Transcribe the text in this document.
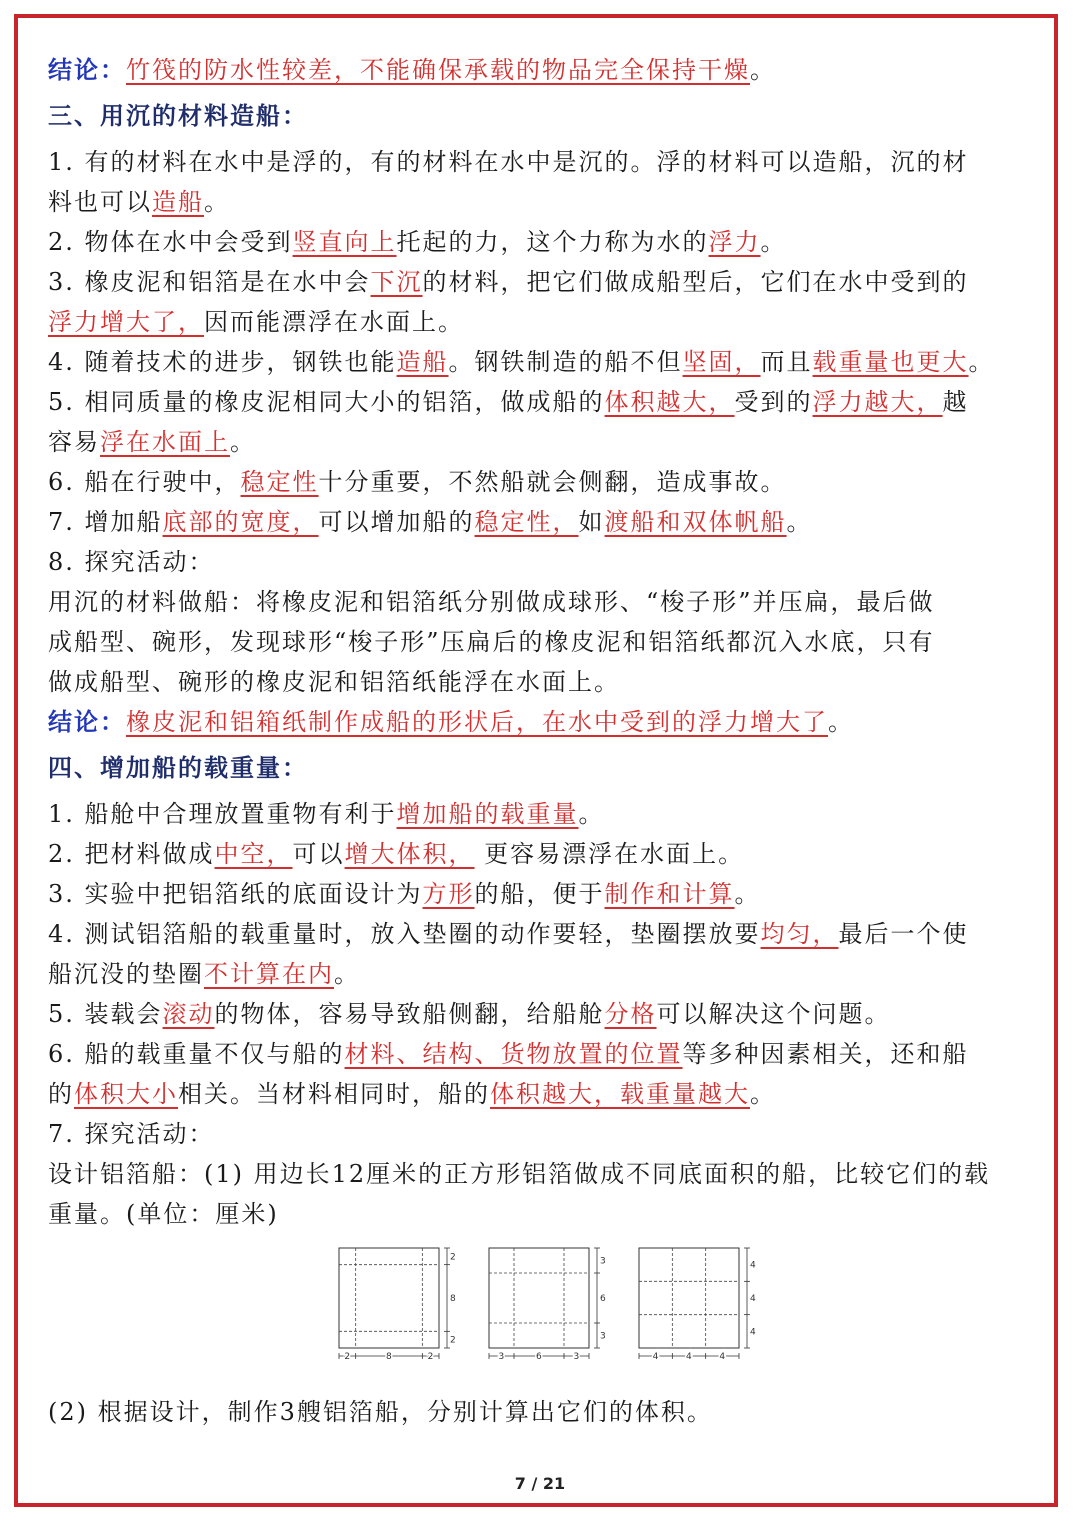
结论：竹筏的防水性较差，不能确保承载的物品完全保持干燥。

三、用沉的材料造船：

1. 有的材料在水中是浮的，有的材料在水中是沉的。浮的材料可以造船，沉的材

料也可以造船。

2. 物体在水中会受到竖直向上托起的力，这个力称为水的浮力。

3. 橡皮泥和铝箔是在水中会下沉的材料，把它们做成船型后，它们在水中受到的

浮力增大了，因而能漂浮在水面上。

4. 随着技术的进步，钢铁也能造船。钢铁制造的船不但坚固，而且载重量也更大。

5. 相同质量的橡皮泥相同大小的铝箔，做成船的体积越大，受到的浮力越大，越

容易浮在水面上。

6. 船在行驶中，稳定性十分重要，不然船就会侧翻，造成事故。

7. 增加船底部的宽度，可以增加船的稳定性，如渡船和双体帆船。

8. 探究活动：

用沉的材料做船：将橡皮泥和铝箔纸分别做成球形、“梭子形”并压扁，最后做

成船型、碗形，发现球形“梭子形”压扁后的橡皮泥和铝箔纸都沉入水底，只有

做成船型、碗形的橡皮泥和铝箔纸能浮在水面上。

结论：橡皮泥和铝箱纸制作成船的形状后，在水中受到的浮力增大了。

四、增加船的载重量：

1. 船舱中合理放置重物有利于增加船的载重量。

2. 把材料做成中空，可以增大体积， 更容易漂浮在水面上。

3. 实验中把铝箔纸的底面设计为方形的船，便于制作和计算。

4. 测试铝箔船的载重量时，放入垫圈的动作要轻，垫圈摆放要均匀，最后一个使

船沉没的垫圈不计算在内。

5. 装载会滚动的物体，容易导致船侧翻，给船舱分格可以解决这个问题。

6. 船的载重量不仅与船的材料、结构、货物放置的位置等多种因素相关，还和船

的体积大小相关。当材料相同时，船的体积越大，载重量越大。

7. 探究活动：

设计铝箔船：(1) 用边长12厘米的正方形铝箔做成不同底面积的船，比较它们的载

重量。(单位：厘米)

2
2
8
8
2
2
3
3
6
6
3
3
4
4
4
4
4
4

(2) 根据设计，制作3艘铝箔船，分别计算出它们的体积。

7 / 21
